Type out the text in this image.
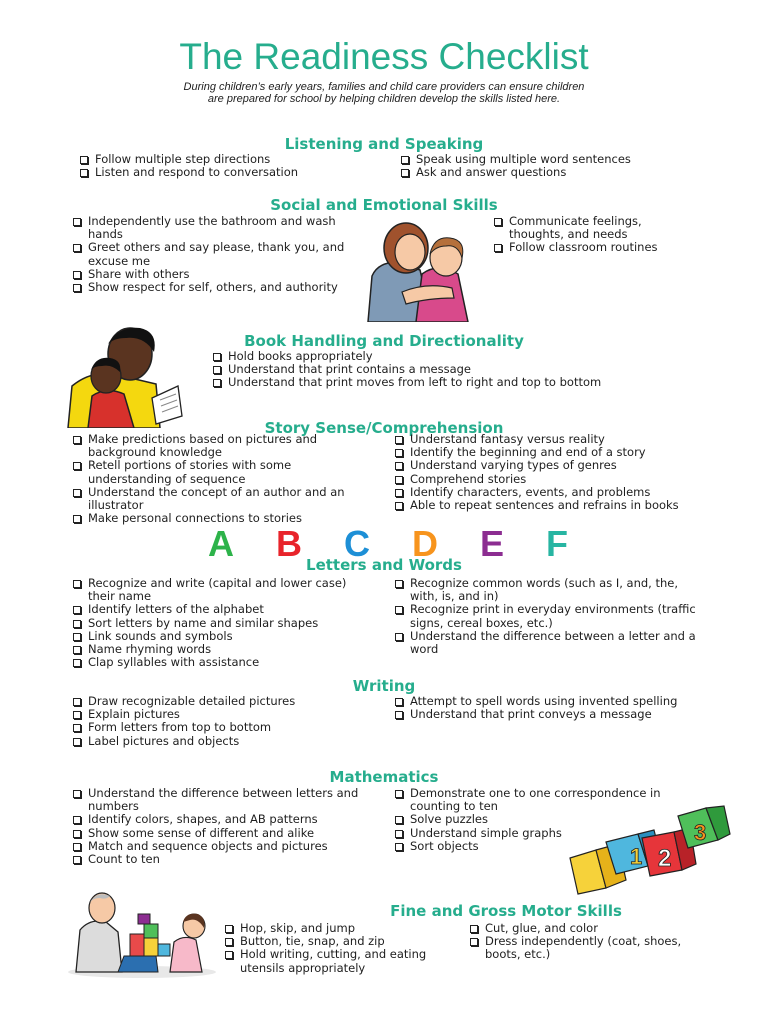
The Readiness Checklist
During children’s early years, families and child care providers can ensure children
are prepared for school by helping children develop the skills listed here.
Listening and Speaking
Follow multiple step directions
Listen and respond to conversation
Speak using multiple word sentences
Ask and answer questions
Social and Emotional Skills
Independently use the bathroom and wash hands
Greet others and say please, thank you, and excuse me
Share with others
Show respect for self, others, and authority
Communicate feelings, thoughts, and needs
Follow classroom routines
Book Handling and Directionality
Hold books appropriately
Understand that print contains a message
Understand that print moves from left to right and top to bottom
Story Sense/Comprehension
Make predictions based on pictures and background knowledge
Retell portions of stories with some understanding of sequence
Understand the concept of an author and an illustrator
Make personal connections to stories
Understand fantasy versus reality
Identify the beginning and end of a story
Understand varying types of genres
Comprehend stories
Identify characters, events, and problems
Able to repeat sentences and refrains in books
A B C D E F
Letters and Words
Recognize and write (capital and lower case) their name
Identify letters of the alphabet
Sort letters by name and similar shapes
Link sounds and symbols
Name rhyming words
Clap syllables with assistance
Recognize common words (such as I, and, the, with, is, and in)
Recognize print in everyday environments (traffic signs, cereal boxes, etc.)
Understand the difference between a letter and a word
Writing
Draw recognizable detailed pictures
Explain pictures
Form letters from top to bottom
Label pictures and objects
Attempt to spell words using invented spelling
Understand that print conveys a message
Mathematics
Understand the difference between letters and numbers
Identify colors, shapes, and AB patterns
Show some sense of different and alike
Match and sequence objects and pictures
Count to ten
Demonstrate one to one correspondence in counting to ten
Solve puzzles
Understand simple graphs
Sort objects	1 2
3
Fine and Gross Motor Skills
Hop, skip, and jump
Button, tie, snap, and zip
Hold writing, cutting, and eating utensils appropriately
Cut, glue, and color
Dress independently (coat, shoes, boots, etc.)
